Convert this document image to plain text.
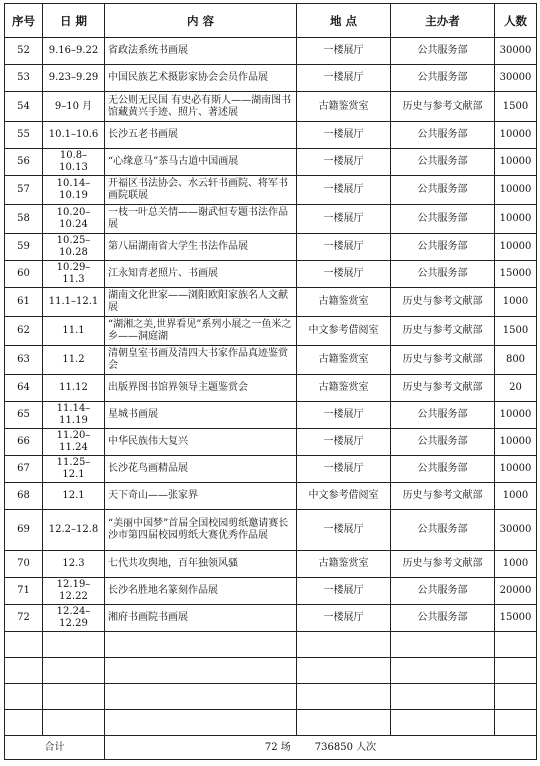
序号	日 期	内 容	地 点	主办者	人数
52	9.16–9.22	省政法系统书画展	一楼展厅	公共服务部	30000
53	9.23–9.29	中国民族艺术摄影家协会会员作品展	一楼展厅	公共服务部	30000
54	9–10 月	无公则无民国 有史必有斯人——湖南图书馆藏黄兴手迹、照片、著述展	古籍鉴赏室	历史与参考文献部	1500
55	10.1–10.6	长沙五老书画展	一楼展厅	公共服务部	10000
56	10.8–10.13	“心缘意马”茶马古道中国画展	一楼展厅	公共服务部	10000
57	10.14–10.19	开福区书法协会、水云轩书画院、将军书画院联展	一楼展厅	公共服务部	10000
58	10.20–10.24	一枝一叶总关情——谢武恒专题书法作品展	一楼展厅	公共服务部	10000
59	10.25–10.28	第八届湖南省大学生书法作品展	一楼展厅	公共服务部	10000
60	10.29–11.3	江永知青老照片、书画展	一楼展厅	公共服务部	15000
61	11.1–12.1	湖南文化世家——浏阳欧阳家族名人文献展	古籍鉴赏室	历史与参考文献部	1000
62	11.1	“湖湘之美,世界看见”系列小展之一鱼米之乡——洞庭湖	中文参考借阅室	历史与参考文献部	1500
63	11.2	清朝皇室书画及清四大书家作品真迹鉴赏会	古籍鉴赏室	历史与参考文献部	800
64	11.12	出版界图书馆界领导主题鉴赏会	古籍鉴赏室	历史与参考文献部	20
65	11.14–11.19	星城书画展	一楼展厅	公共服务部	10000
66	11.20–11.24	中华民族伟大复兴	一楼展厅	公共服务部	10000
67	11.25–12.1	长沙花鸟画精品展	一楼展厅	公共服务部	10000
68	12.1	天下奇山——张家界	中文参考借阅室	历史与参考文献部	1000
69	12.2–12.8	“美丽中国梦”首届全国校园剪纸邀请赛长沙市第四届校园剪纸大赛优秀作品展	一楼展厅	公共服务部	30000
70	12.3	七代共攻舆地，百年独领风骚	古籍鉴赏室	历史与参考文献部	1000
71	12.19–12.22	长沙名胜地名篆刻作品展	一楼展厅	公共服务部	20000
72	12.24–12.29	湘府书画院书画展	一楼展厅	公共服务部	15000

合计		72 场 736850 人次			
